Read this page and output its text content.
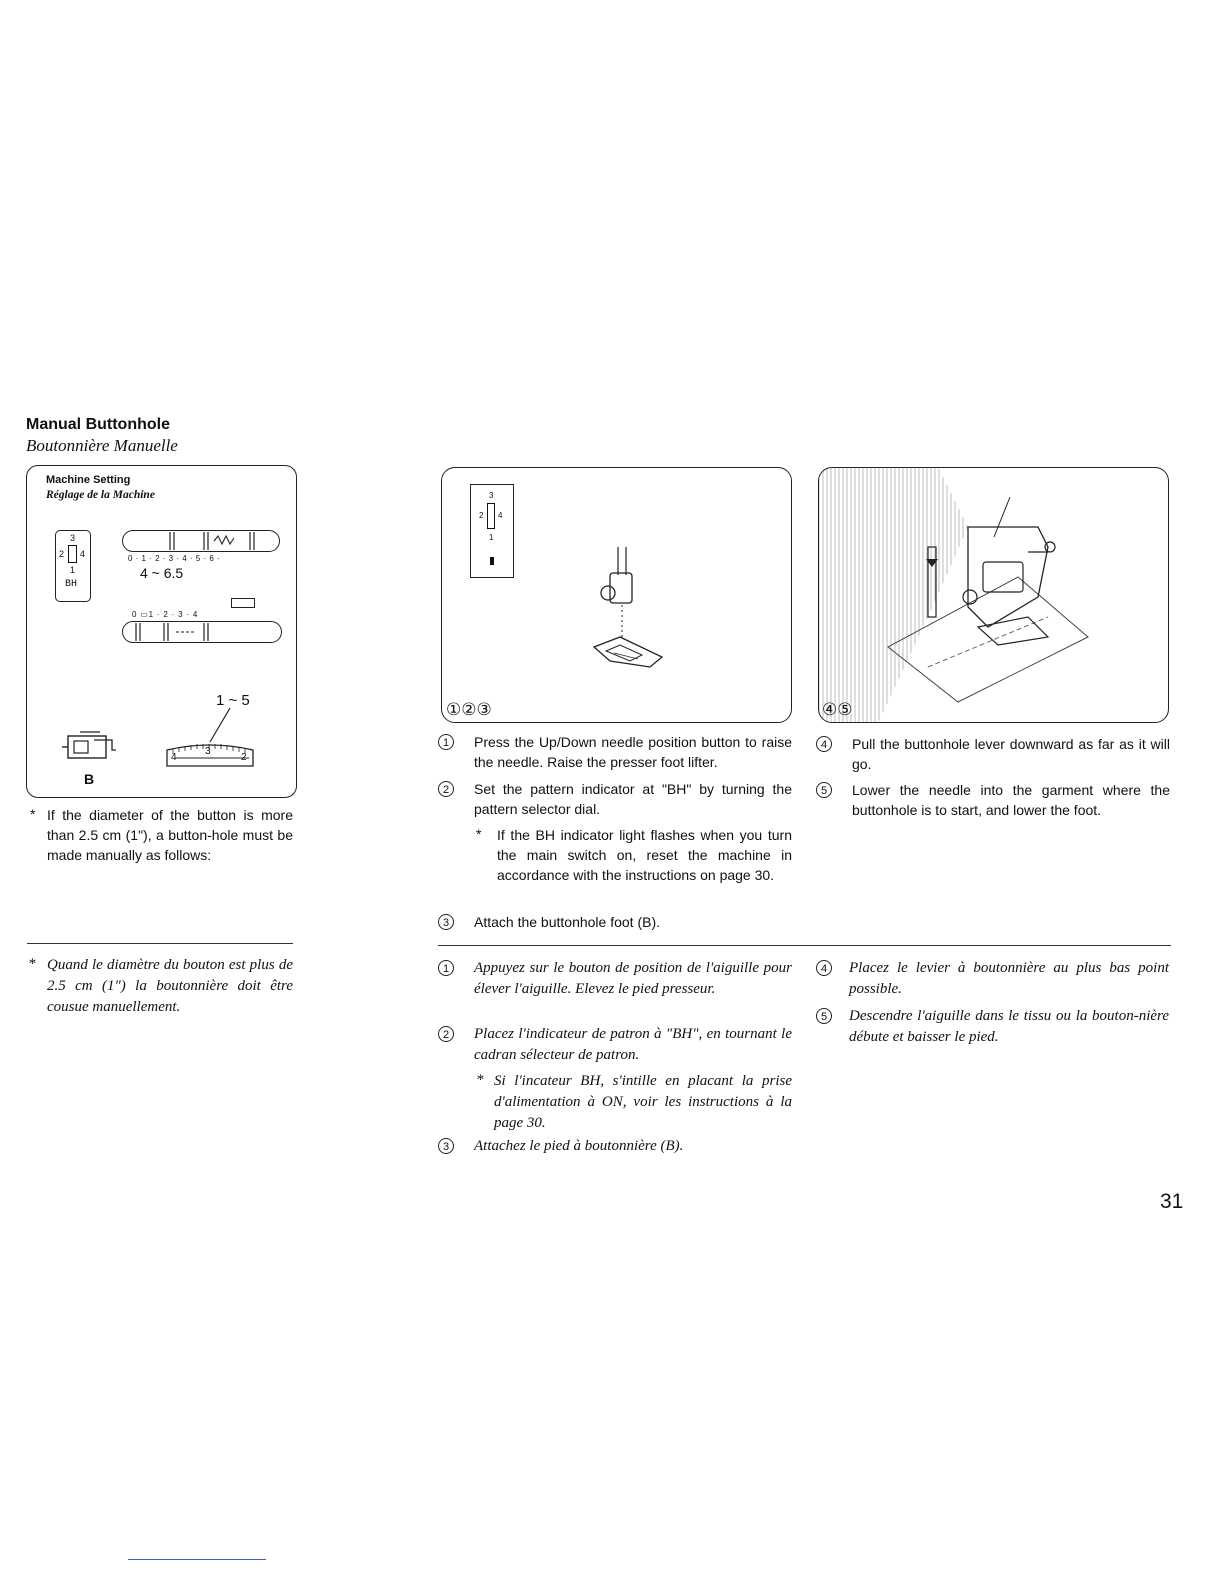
Manual Buttonhole
Boutonnière Manuelle
Machine Setting
Réglage de la Machine
3
2 4
1
BH
0 · 1 · 2 · 3 · 4 · 5 · 6 ·
4 ~ 6.5
0 ▭1 · 2 · 3 · 4
1 ~ 5
4
3
2
B
* If the diameter of the button is more than 2.5 cm (1"), a button-hole must be made manually as follows:
* Quand le diamètre du bouton est plus de 2.5 cm (1") la boutonnière doit être cousue manuellement.
3
2 4
1
①②③	④⑤
1	Press the Up/Down needle position button to raise the needle. Raise the presser foot lifter.
2	Set the pattern indicator at "BH" by turning the pattern selector dial.
* If the BH indicator light flashes when you turn the main switch on, reset the machine in accordance with the instructions on page 30.
3	Attach the buttonhole foot (B).
4	Pull the buttonhole lever downward as far as it will go.
5	Lower the needle into the garment where the buttonhole is to start, and lower the foot.
1	Appuyez sur le bouton de position de l'aiguille pour élever l'aiguille. Elevez le pied presseur.
2	Placez l'indicateur de patron à "BH", en tournant le cadran sélecteur de patron.
* Si l'incateur BH, s'intille en placant la prise d'alimentation à ON, voir les instructions à la page 30.
3	Attachez le pied à boutonnière (B).
4	Placez le levier à boutonnière au plus bas point possible.
5	Descendre l'aiguille dans le tissu ou la bouton-nière débute et baisser le pied.
31
